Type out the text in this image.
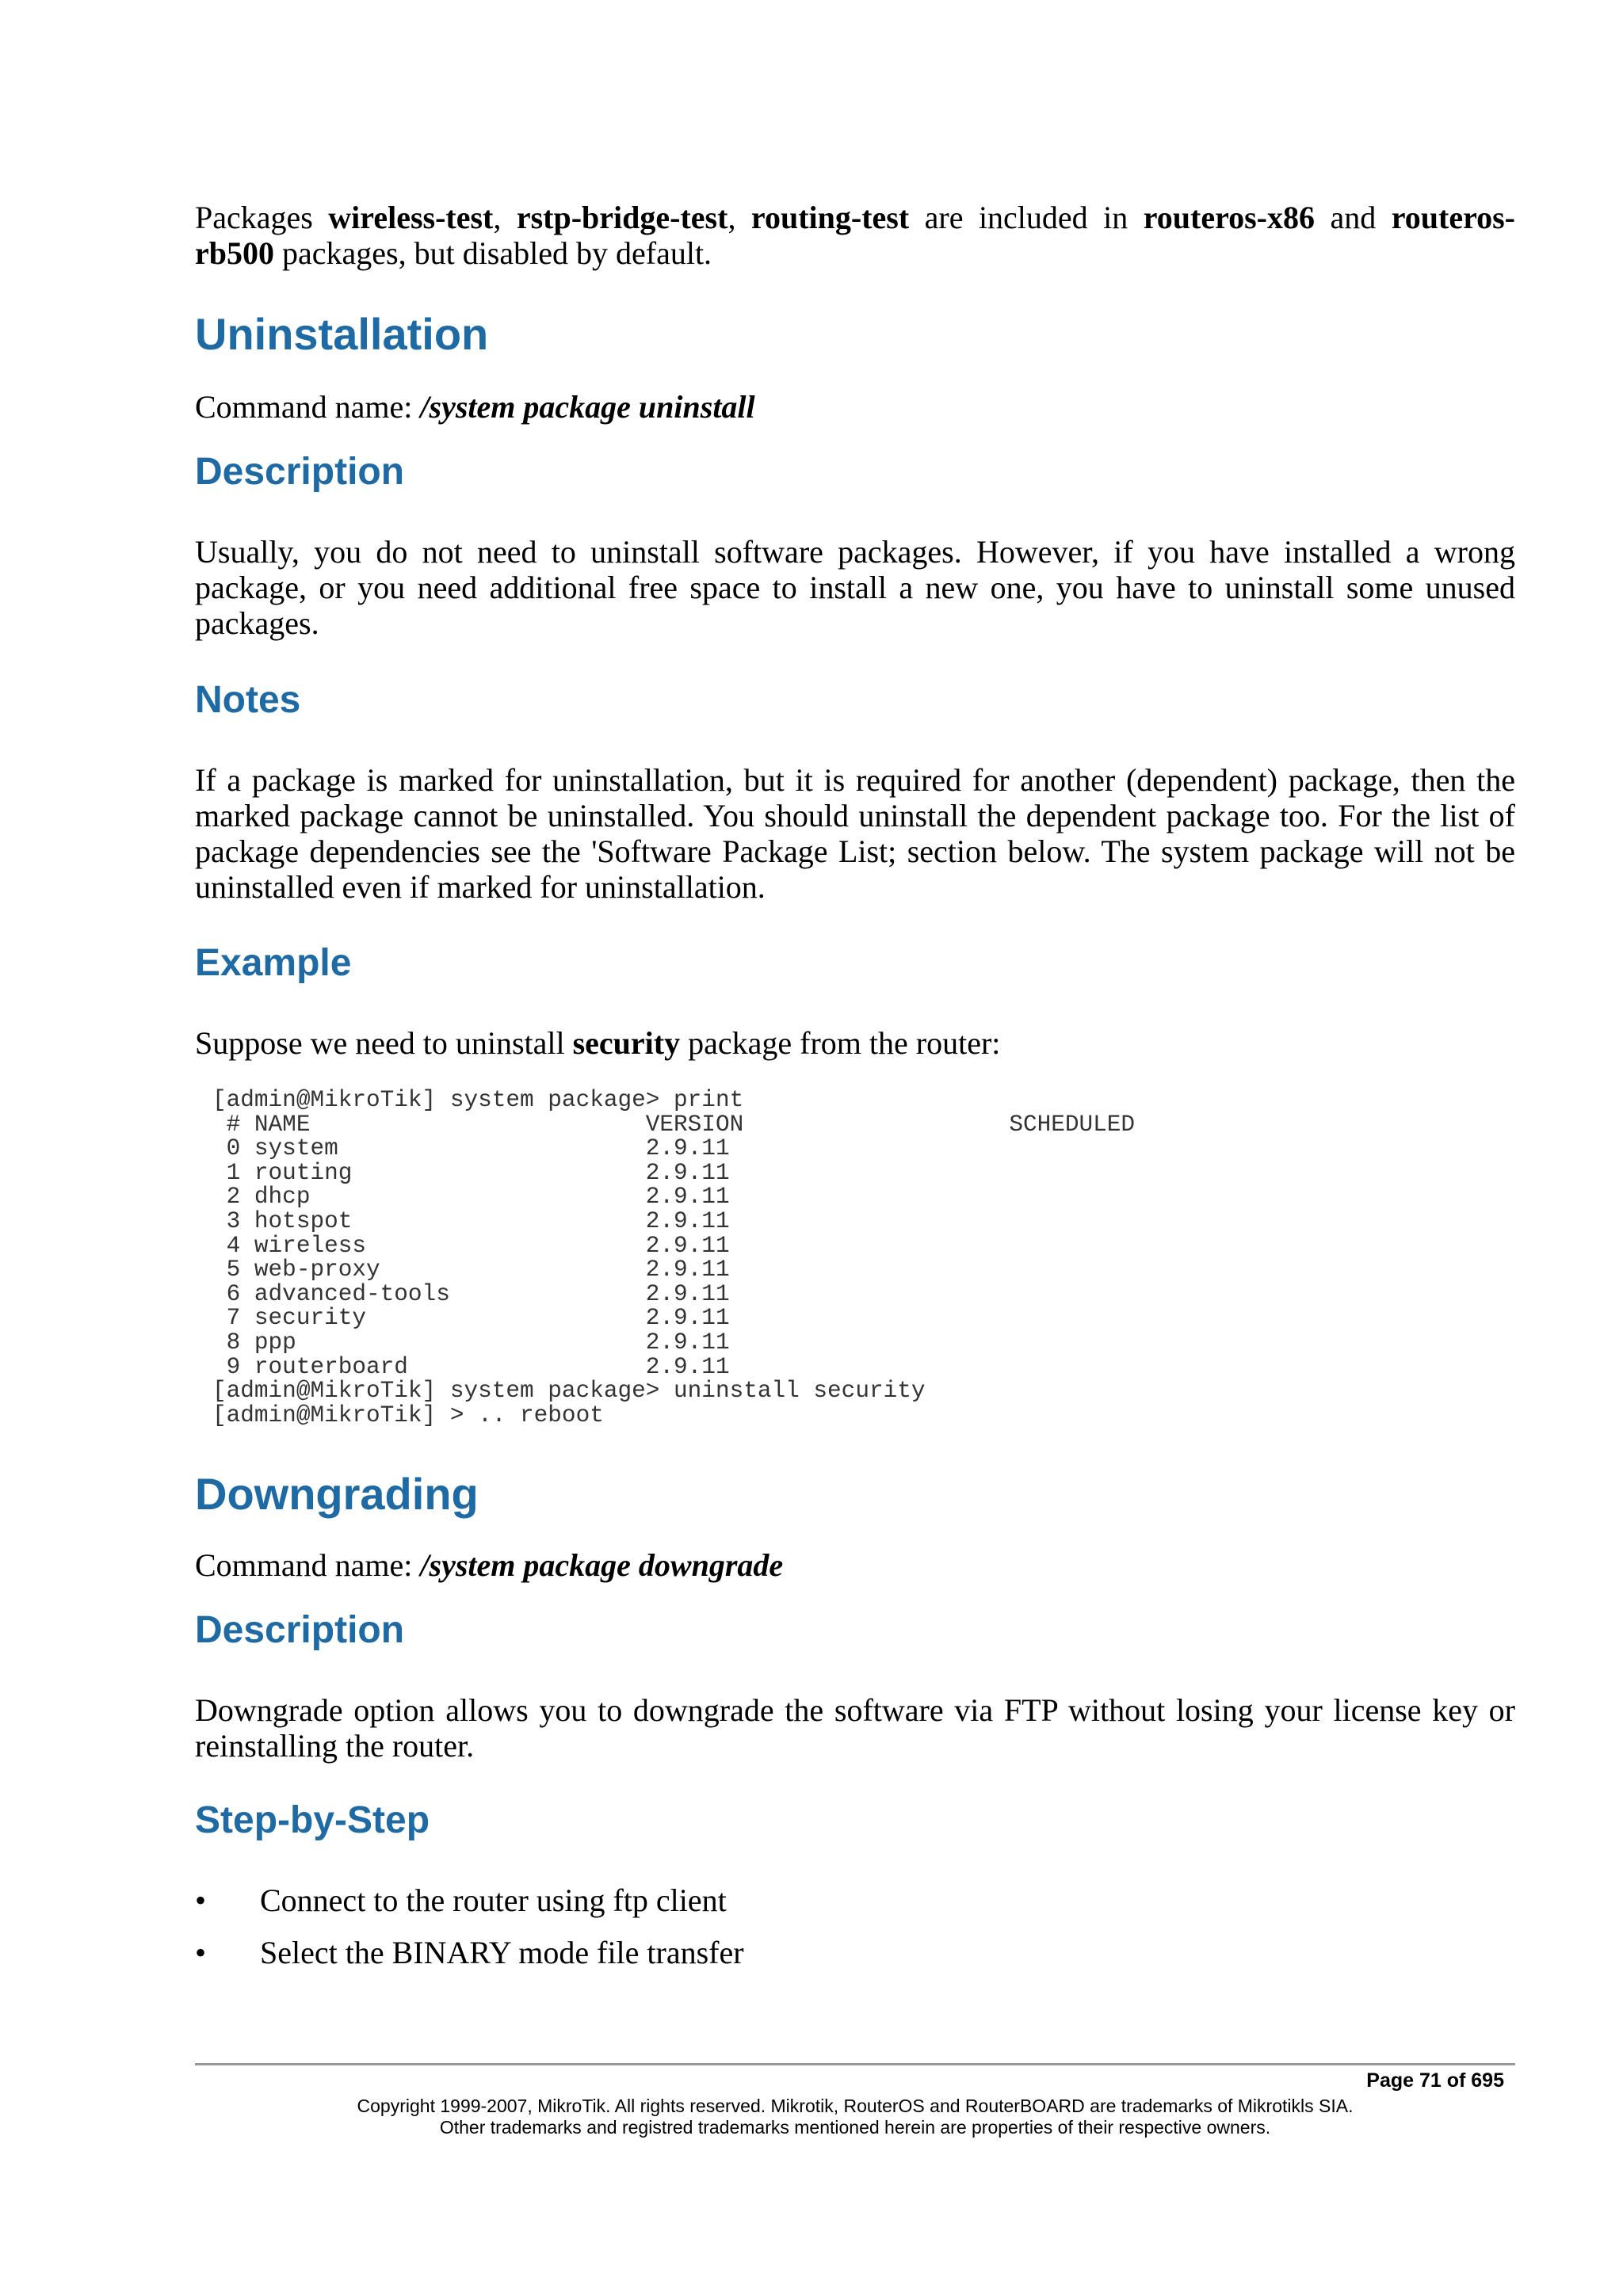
Packages wireless-test, rstp-bridge-test, routing-test are included in routeros-x86 and routeros-rb500 packages, but disabled by default.

Uninstallation
Command name: /system package uninstall
Description

Usually, you do not need to uninstall software packages. However, if you have installed a wrong package, or you need additional free space to install a new one, you have to uninstall some unused packages.

Notes

If a package is marked for uninstallation, but it is required for another (dependent) package, then the marked package cannot be uninstalled. You should uninstall the dependent package too. For the list of package dependencies see the 'Software Package List; section below. The system package will not be uninstalled even if marked for uninstallation.

Example

Suppose we need to uninstall security package from the router:

[admin@MikroTik] system package> print
# NAME                        VERSION                   SCHEDULED
0 system                      2.9.11
1 routing                     2.9.11
2 dhcp                        2.9.11
3 hotspot                     2.9.11
4 wireless                    2.9.11
5 web-proxy                   2.9.11
6 advanced-tools              2.9.11
7 security                    2.9.11
8 ppp                         2.9.11
9 routerboard                 2.9.11
[admin@MikroTik] system package> uninstall security
[admin@MikroTik] > .. reboot
Downgrading
Command name: /system package downgrade
Description

Downgrade option allows you to downgrade the software via FTP without losing your license key or reinstalling the router.

Step-by-Step
• Connect to the router using ftp client
• Select the BINARY mode file transfer
Page 71 of 695
Copyright 1999-2007, MikroTik. All rights reserved. Mikrotik, RouterOS and RouterBOARD are trademarks of Mikrotikls SIA.
Other trademarks and registred trademarks mentioned herein are properties of their respective owners.
